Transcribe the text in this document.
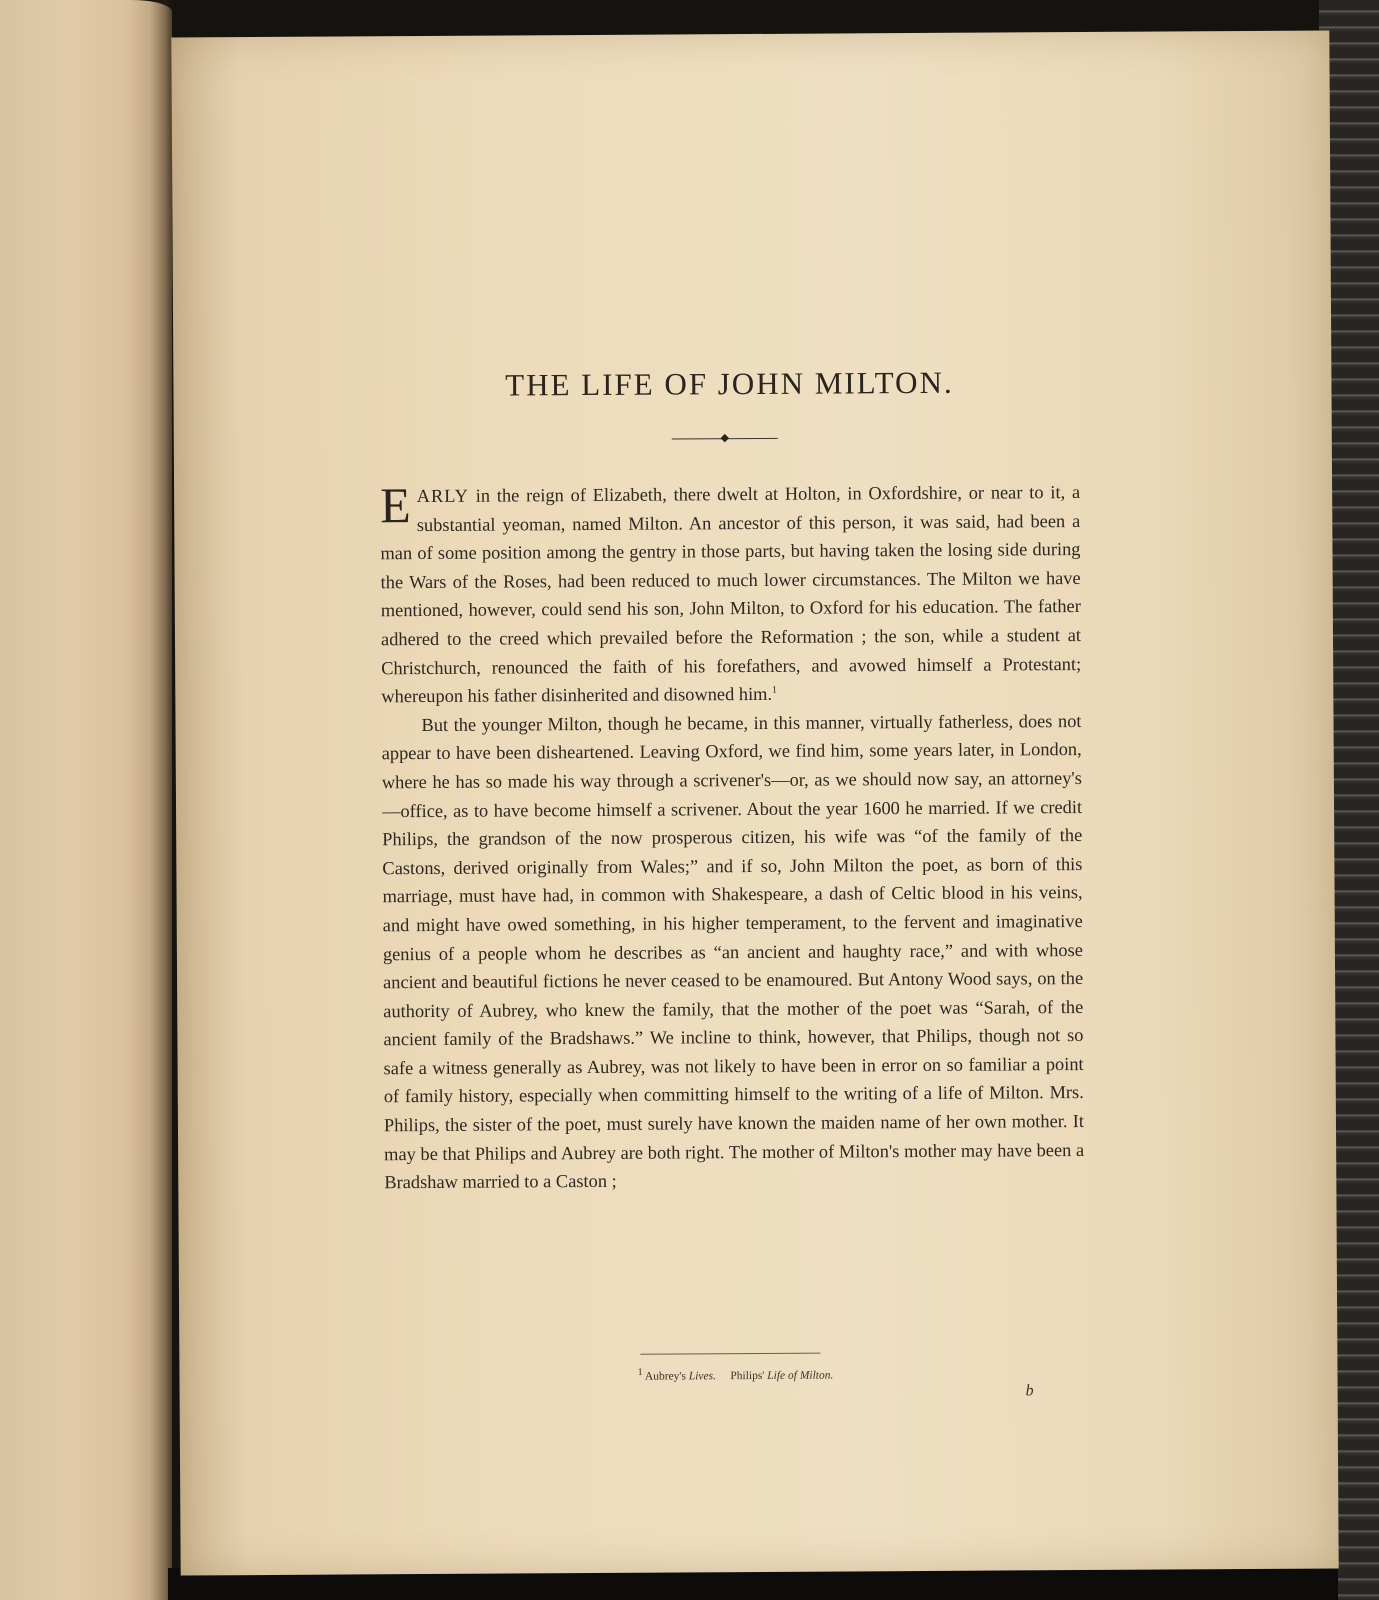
THE LIFE OF JOHN MILTON.

EARLY in the reign of Elizabeth, there dwelt at Holton, in Oxfordshire, or near to it, a substantial yeoman, named Milton. An ancestor of this person, it was said, had been a man of some position among the gentry in those parts, but having taken the losing side during the Wars of the Roses, had been reduced to much lower circumstances. The Milton we have mentioned, however, could send his son, John Milton, to Oxford for his education. The father adhered to the creed which prevailed before the Reformation ; the son, while a student at Christchurch, renounced the faith of his forefathers, and avowed himself a Protestant; whereupon his father disinherited and disowned him.$^1$

But the younger Milton, though he became, in this manner, virtually fatherless, does not appear to have been disheartened. Leaving Oxford, we find him, some years later, in London, where he has so made his way through a scrivener's—or, as we should now say, an attorney's—office, as to have become himself a scrivener. About the year 1600 he married. If we credit Philips, the grandson of the now prosperous citizen, his wife was “of the family of the Castons, derived originally from Wales;” and if so, John Milton the poet, as born of this marriage, must have had, in common with Shakespeare, a dash of Celtic blood in his veins, and might have owed something, in his higher temperament, to the fervent and imaginative genius of a people whom he describes as “an ancient and haughty race,” and with whose ancient and beautiful fictions he never ceased to be enamoured. But Antony Wood says, on the authority of Aubrey, who knew the family, that the mother of the poet was “Sarah, of the ancient family of the Bradshaws.” We incline to think, however, that Philips, though not so safe a witness generally as Aubrey, was not likely to have been in error on so familiar a point of family history, especially when committing himself to the writing of a life of Milton. Mrs. Philips, the sister of the poet, must surely have known the maiden name of her own mother. It may be that Philips and Aubrey are both right. The mother of Milton's mother may have been a Bradshaw married to a Caston ;

1 Aubrey's Lives. Philips' Life of Milton.
b
